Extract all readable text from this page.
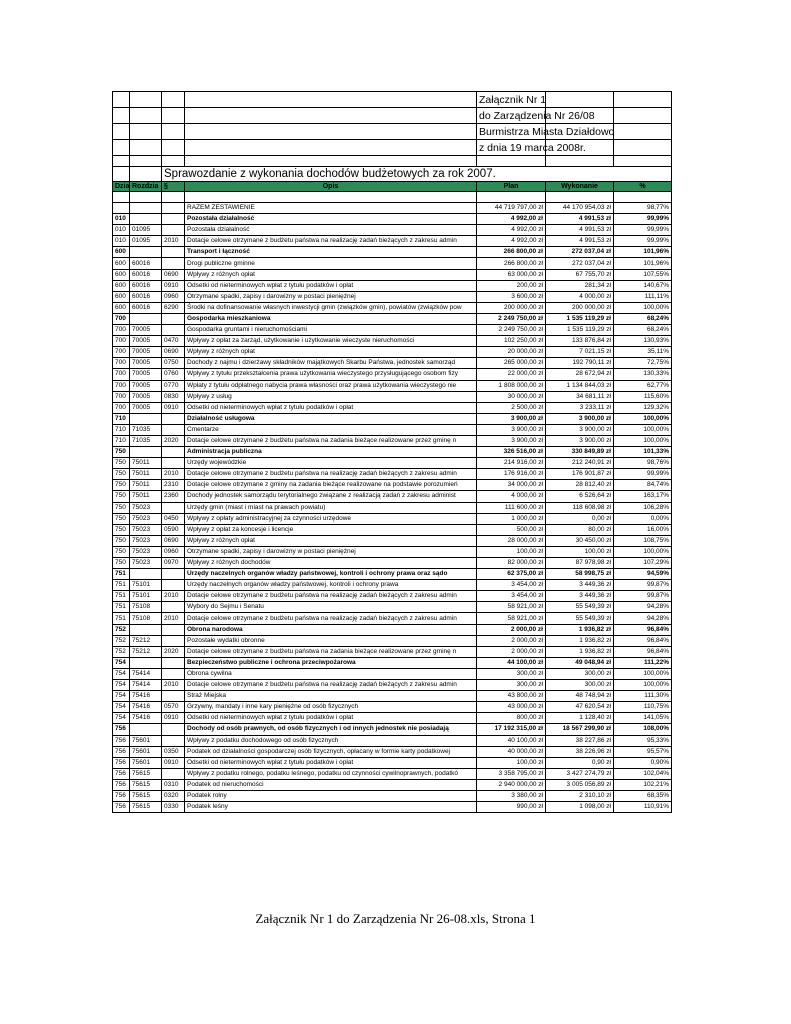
				Załącznik Nr 1		
				do Zarządzenia Nr 26/08		
				Burmistrza Miasta Działdowo		
				z dnia 19 marca 2008r.		

		Sprawozdanie z wykonania dochodów budżetowych za rok 2007.				
Dzia	Rozdzia	§	Opis	Plan	Wykonanie	%

			RAZEM ZESTAWIENIE	44 719 797,00 zł	44 170 954,03 zł	98,77%
010			Pozostała działalność	4 992,00 zł	4 991,53 zł	99,99%
010	01095		Pozostała działalność	4 992,00 zł	4 991,53 zł	99,99%
010	01095	2010	Dotacje celowe otrzymane z budżetu państwa na realizację zadań bieżących z zakresu admin	4 992,00 zł	4 991,53 zł	99,99%
600			Transport i łączność	266 800,00 zł	272 037,04 zł	101,96%
600	60016		Drogi publiczne gminne	266 800,00 zł	272 037,04 zł	101,96%
600	60016	0690	Wpływy z różnych opłat	63 000,00 zł	67 755,70 zł	107,55%
600	60016	0910	Odsetki od nieterminowych wpłat z tytułu podatków i opłat	200,00 zł	281,34 zł	140,67%
600	60016	0960	Otrzymane spadki, zapisy i darowizny w postaci pieniężnej	3 600,00 zł	4 000,00 zł	111,11%
600	60016	6290	Środki na dofinansowanie własnych inwestycji gmin (związków gmin), powiatów (związków pow	200 000,00 zł	200 000,00 zł	100,00%
700			Gospodarka mieszkaniowa	2 249 750,00 zł	1 535 119,29 zł	68,24%
700	70005		Gospodarka gruntami i nieruchomościami	2 249 750,00 zł	1 535 119,29 zł	68,24%
700	70005	0470	Wpływy z opłat za zarząd, użytkowanie i użytkowanie wieczyste nieruchomości	102 250,00 zł	133 876,84 zł	130,93%
700	70005	0690	Wpływy z różnych opłat	20 000,00 zł	7 021,15 zł	35,11%
700	70005	0750	Dochody z najmu i dzierżawy składników majątkowych Skarbu Państwa, jednostek samorząd	265 000,00 zł	192 790,11 zł	72,75%
700	70005	0760	Wpływy z tytułu przekształcenia prawa użytkowania wieczystego przysługującego osobom fizy	22 000,00 zł	28 672,94 zł	130,33%
700	70005	0770	Wpłaty z tytułu odpłatnego nabycia prawa własności oraz prawa użytkowania wieczystego nie	1 808 000,00 zł	1 134 844,03 zł	62,77%
700	70005	0830	Wpływy z usług	30 000,00 zł	34 681,11 zł	115,60%
700	70005	0910	Odsetki od nieterminowych wpłat z tytułu podatków i opłat	2 500,00 zł	3 233,11 zł	129,32%
710			Działalność usługowa	3 900,00 zł	3 900,00 zł	100,00%
710	71035		Cmentarze	3 900,00 zł	3 900,00 zł	100,00%
710	71035	2020	Dotacje celowe otrzymane z budżetu państwa na zadania bieżące realizowane przez gminę n	3 900,00 zł	3 900,00 zł	100,00%
750			Administracja publiczna	326 516,00 zł	330 849,89 zł	101,33%
750	75011		Urzędy wojewódzkie	214 916,00 zł	212 240,91 zł	98,76%
750	75011	2010	Dotacje celowe otrzymane z budżetu państwa na realizację zadań bieżących z zakresu admin	176 916,00 zł	176 901,87 zł	99,99%
750	75011	2310	Dotacje celowe otrzymane z gminy na zadania bieżące realizowane na podstawie porozumień	34 000,00 zł	28 812,40 zł	84,74%
750	75011	2360	Dochody jednostek samorządu terytorialnego związane z realizacją zadań z zakresu administ	4 000,00 zł	6 526,64 zł	163,17%
750	75023		Urzędy gmin (miast i miast na prawach powiatu)	111 600,00 zł	118 608,98 zł	106,28%
750	75023	0450	Wpływy z opłaty administracyjnej za czynności urzędowe	1 000,00 zł	0,00 zł	0,00%
750	75023	0590	Wpływy z opłat za koncesje i licencje	500,00 zł	80,00 zł	16,00%
750	75023	0690	Wpływy z różnych opłat	28 000,00 zł	30 450,00 zł	108,75%
750	75023	0960	Otrzymane spadki, zapisy i darowizny w postaci pieniężnej	100,00 zł	100,00 zł	100,00%
750	75023	0970	Wpływy z różnych dochodów	82 000,00 zł	87 978,98 zł	107,29%
751			Urzędy naczelnych organów władzy państwowej, kontroli i ochrony prawa oraz sądo	62 375,00 zł	58 998,75 zł	94,59%
751	75101		Urzędy naczelnych organów władzy państwowej, kontroli i ochrony prawa	3 454,00 zł	3 449,36 zł	99,87%
751	75101	2010	Dotacje celowe otrzymane z budżetu państwa na realizację zadań bieżących z zakresu admin	3 454,00 zł	3 449,36 zł	99,87%
751	75108		Wybory do Sejmu i Senatu	58 921,00 zł	55 549,39 zł	94,28%
751	75108	2010	Dotacje celowe otrzymane z budżetu państwa na realizację zadań bieżących z zakresu admin	58 921,00 zł	55 549,39 zł	94,28%
752			Obrona narodowa	2 000,00 zł	1 936,82 zł	96,84%
752	75212		Pozostałe wydatki obronne	2 000,00 zł	1 936,82 zł	96,84%
752	75212	2020	Dotacje celowe otrzymane z budżetu państwa na zadania bieżące realizowane przez gminę n	2 000,00 zł	1 936,82 zł	96,84%
754			Bezpieczeństwo publiczne i ochrona przeciwpożarowa	44 100,00 zł	49 048,94 zł	111,22%
754	75414		Obrona cywilna	300,00 zł	300,00 zł	100,00%
754	75414	2010	Dotacje celowe otrzymane z budżetu państwa na realizację zadań bieżących z zakresu admin	300,00 zł	300,00 zł	100,00%
754	75416		Straż Miejska	43 800,00 zł	48 748,94 zł	111,30%
754	75416	0570	Grzywny, mandaty i inne kary pieniężne od osób fizycznych	43 000,00 zł	47 620,54 zł	110,75%
754	75416	0910	Odsetki od nieterminowych wpłat z tytułu podatków i opłat	800,00 zł	1 128,40 zł	141,05%
756			Dochody od osób prawnych, od osób fizycznych i od innych jednostek nie posiadają	17 192 315,00 zł	18 567 299,90 zł	108,00%
756	75601		Wpływy z podatku dochodowego od osób fizycznych	40 100,00 zł	38 227,86 zł	95,33%
756	75601	0350	Podatek od działalności gospodarczej osób fizycznych, opłacany w formie karty podatkowej	40 000,00 zł	38 226,96 zł	95,57%
756	75601	0910	Odsetki od nieterminowych wpłat z tytułu podatków i opłat	100,00 zł	0,90 zł	0,90%
756	75615		Wpływy z podatku rolnego, podatku leśnego, podatku od czynności cywilnoprawnych, podatkó	3 358 795,00 zł	3 427 274,79 zł	102,04%
756	75615	0310	Podatek od nieruchomości	2 940 000,00 zł	3 005 056,89 zł	102,21%
756	75615	0320	Podatek rolny	3 380,00 zł	2 310,10 zł	68,35%
756	75615	0330	Podatek leśny	990,00 zł	1 098,00 zł	110,91%
Załącznik Nr 1 do Zarządzenia Nr 26-08.xls, Strona 1
